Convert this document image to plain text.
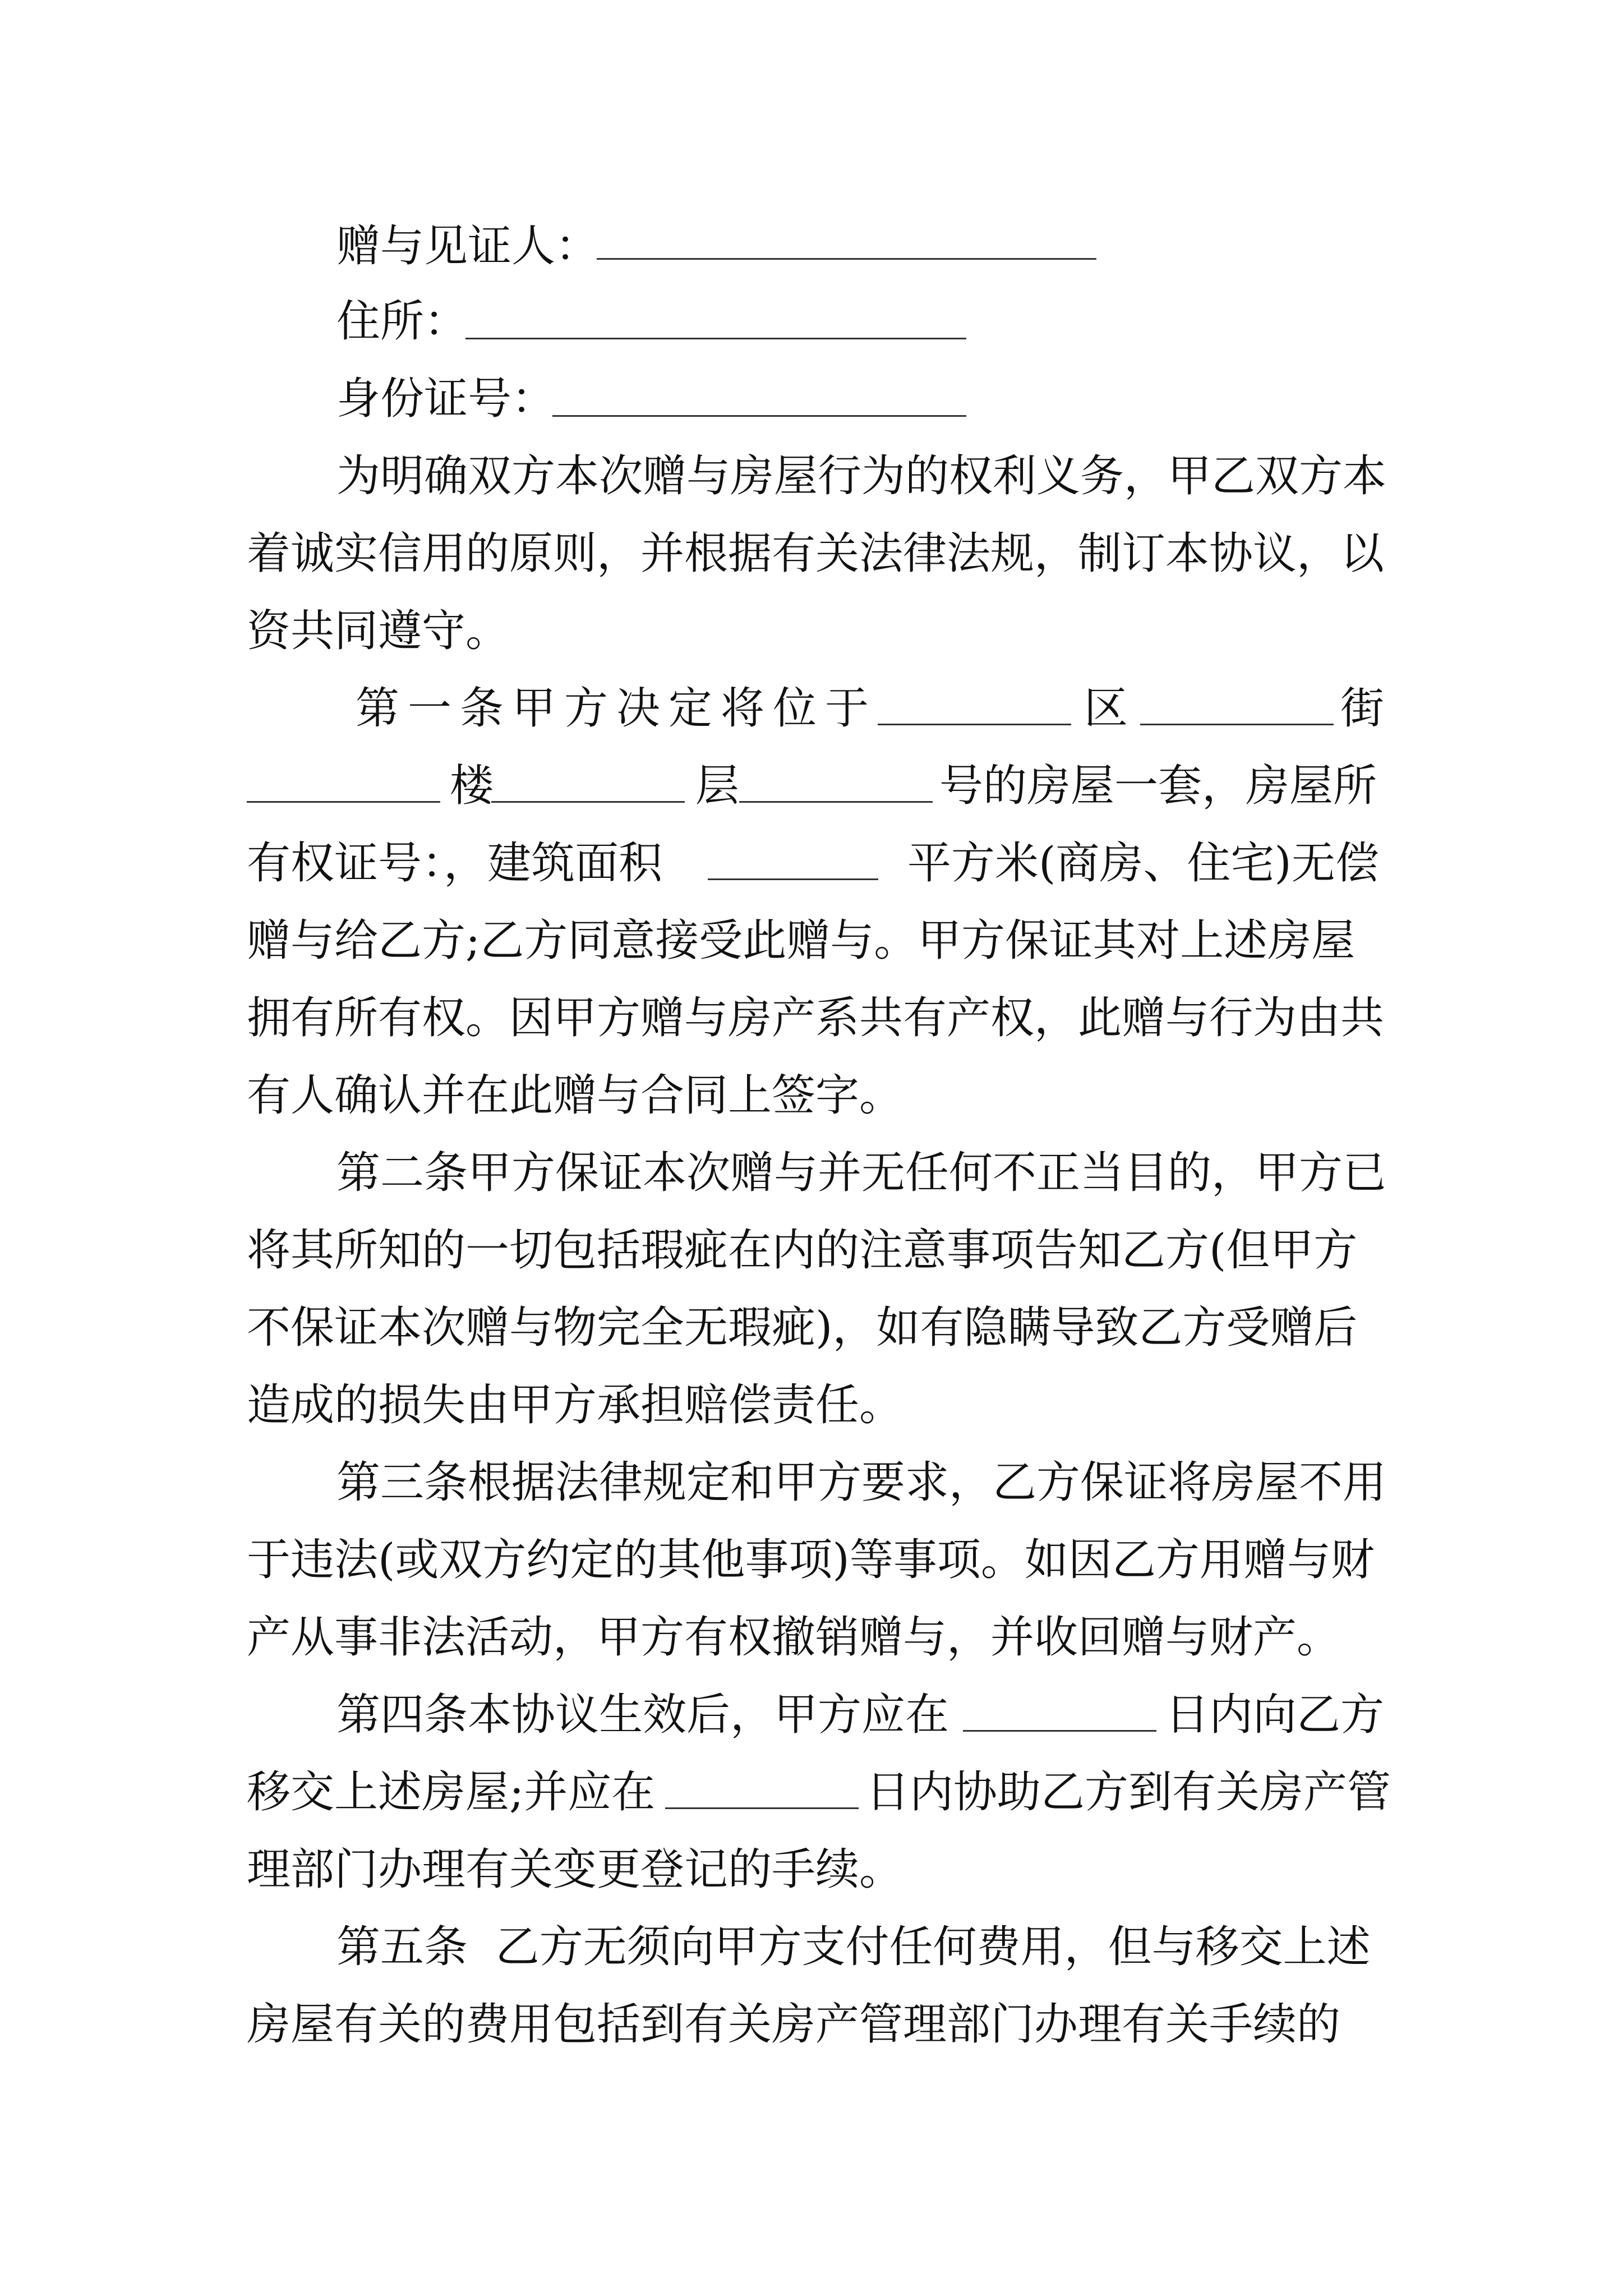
赠与见证人：
住所：
身份证号：
为明确双方本次赠与房屋行为的权利义务，甲乙双方本
着诚实信用的原则，并根据有关法律法规，制订本协议，以
资共同遵守。
第 一 条 甲 方 决 定 将 位 于	区	街
楼	层	号的房屋一套，房屋所
有权证号：，建筑面积	平方米(商房、住宅)无偿
赠与给乙方;乙方同意接受此赠与。甲方保证其对上述房屋
拥有所有权。因甲方赠与房产系共有产权，此赠与行为由共
有人确认并在此赠与合同上签字。
第二条甲方保证本次赠与并无任何不正当目的，甲方已
将其所知的一切包括瑕疵在内的注意事项告知乙方(但甲方
不保证本次赠与物完全无瑕疵)，如有隐瞒导致乙方受赠后
造成的损失由甲方承担赔偿责任。
第三条根据法律规定和甲方要求，乙方保证将房屋不用
于违法(或双方约定的其他事项)等事项。如因乙方用赠与财
产从事非法活动，甲方有权撤销赠与，并收回赠与财产。
第四条本协议生效后，甲方应在	日内向乙方
移交上述房屋;并应在	日内协助乙方到有关房产管
理部门办理有关变更登记的手续。
第五条  乙方无须向甲方支付任何费用，但与移交上述
房屋有关的费用包括到有关房产管理部门办理有关手续的
